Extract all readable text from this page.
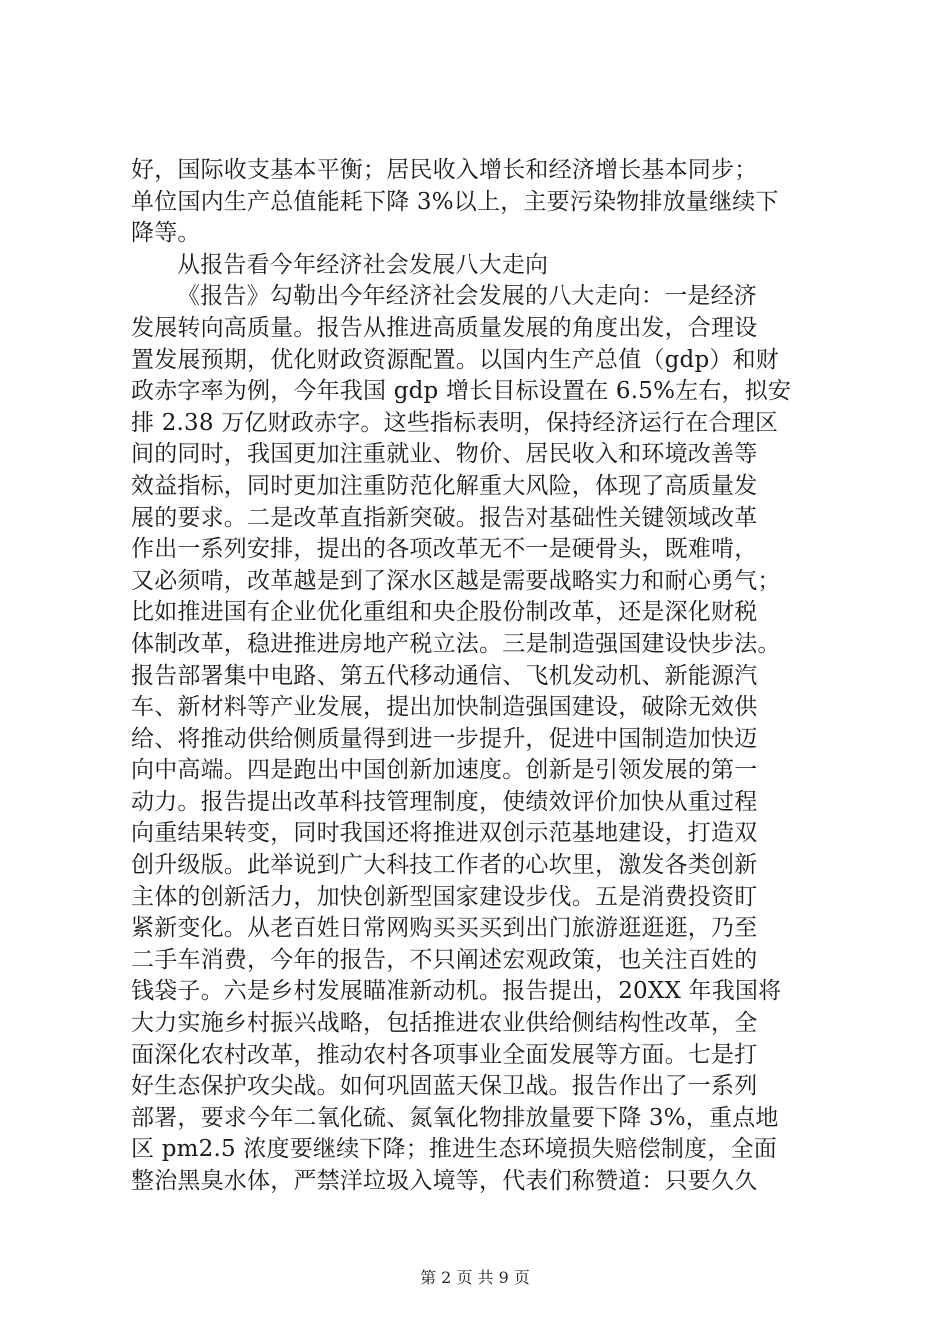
好，国际收支基本平衡；居民收入增长和经济增长基本同步；
单位国内生产总值能耗下降 3%以上，主要污染物排放量继续下
降等。
从报告看今年经济社会发展八大走向
《报告》勾勒出今年经济社会发展的八大走向：一是经济
发展转向高质量。报告从推进高质量发展的角度出发，合理设
置发展预期，优化财政资源配置。以国内生产总值（gdp）和财
政赤字率为例，今年我国 gdp 增长目标设置在 6.5%左右，拟安
排 2.38 万亿财政赤字。这些指标表明，保持经济运行在合理区
间的同时，我国更加注重就业、物价、居民收入和环境改善等
效益指标，同时更加注重防范化解重大风险，体现了高质量发
展的要求。二是改革直指新突破。报告对基础性关键领域改革
作出一系列安排，提出的各项改革无不一是硬骨头，既难啃，
又必须啃，改革越是到了深水区越是需要战略实力和耐心勇气；
比如推进国有企业优化重组和央企股份制改革，还是深化财税
体制改革，稳进推进房地产税立法。三是制造强国建设快步法。
报告部署集中电路、第五代移动通信、飞机发动机、新能源汽
车、新材料等产业发展，提出加快制造强国建设，破除无效供
给、将推动供给侧质量得到进一步提升，促进中国制造加快迈
向中高端。四是跑出中国创新加速度。创新是引领发展的第一
动力。报告提出改革科技管理制度，使绩效评价加快从重过程
向重结果转变，同时我国还将推进双创示范基地建设，打造双
创升级版。此举说到广大科技工作者的心坎里，激发各类创新
主体的创新活力，加快创新型国家建设步伐。五是消费投资盯
紧新变化。从老百姓日常网购买买买到出门旅游逛逛逛，乃至
二手车消费，今年的报告，不只阐述宏观政策，也关注百姓的
钱袋子。六是乡村发展瞄准新动机。报告提出，20XX 年我国将
大力实施乡村振兴战略，包括推进农业供给侧结构性改革，全
面深化农村改革，推动农村各项事业全面发展等方面。七是打
好生态保护攻尖战。如何巩固蓝天保卫战。报告作出了一系列
部署，要求今年二氧化硫、氮氧化物排放量要下降 3%，重点地
区 pm2.5 浓度要继续下降；推进生态环境损失赔偿制度，全面
整治黑臭水体，严禁洋垃圾入境等，代表们称赞道：只要久久
第 2 页 共 9 页
